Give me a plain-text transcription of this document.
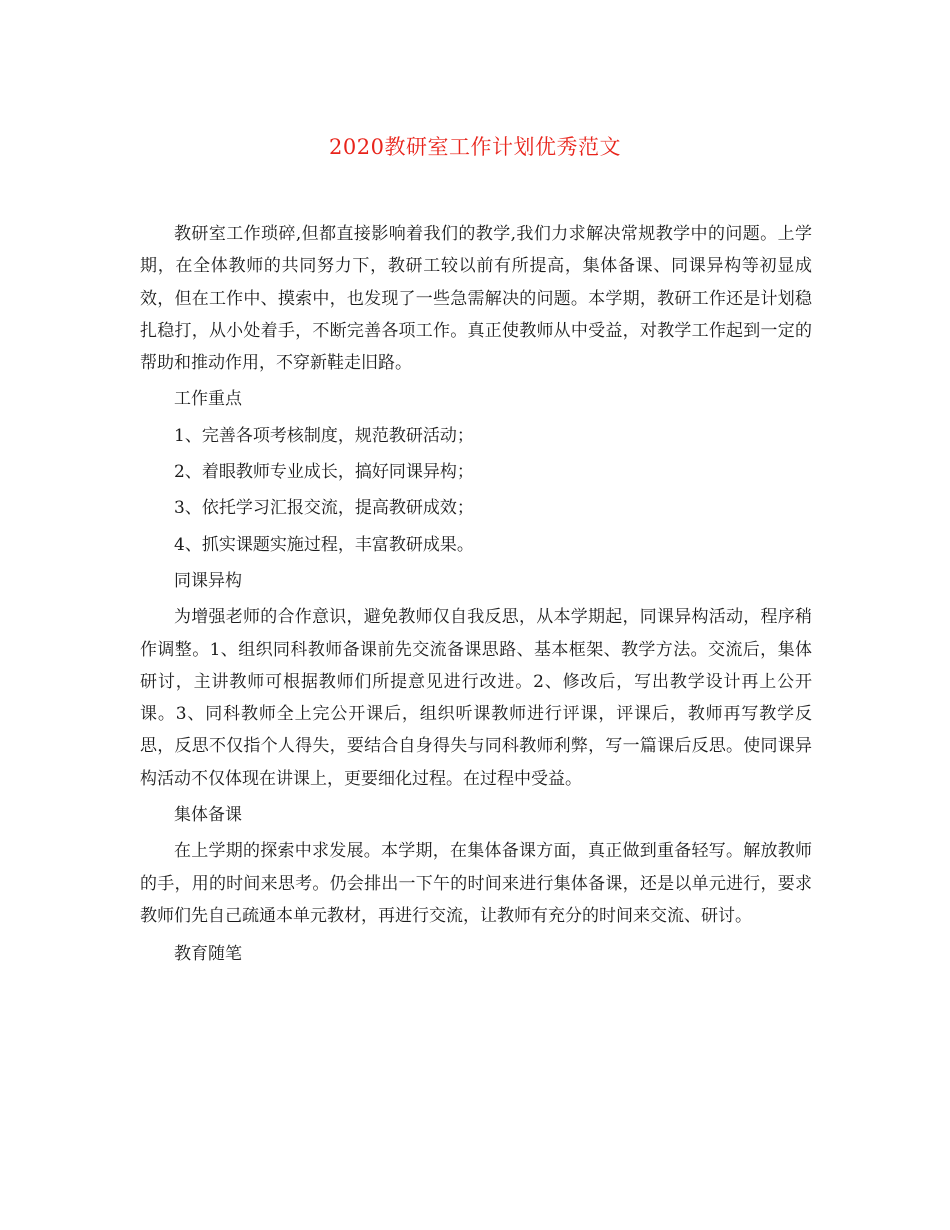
2020教研室工作计划优秀范文

教研室工作琐碎,但都直接影响着我们的教学,我们力求解决常规教学中的问题。上学期，在全体教师的共同努力下，教研工较以前有所提高，集体备课、同课异构等初显成效，但在工作中、摸索中，也发现了一些急需解决的问题。本学期，教研工作还是计划稳扎稳打，从小处着手，不断完善各项工作。真正使教师从中受益，对教学工作起到一定的帮助和推动作用，不穿新鞋走旧路。

工作重点

1、完善各项考核制度，规范教研活动；

2、着眼教师专业成长，搞好同课异构；

3、依托学习汇报交流，提高教研成效；

4、抓实课题实施过程，丰富教研成果。

同课异构

为增强老师的合作意识，避免教师仅自我反思，从本学期起，同课异构活动，程序稍作调整。1、组织同科教师备课前先交流备课思路、基本框架、教学方法。交流后，集体研讨，主讲教师可根据教师们所提意见进行改进。2、修改后，写出教学设计再上公开课。3、同科教师全上完公开课后，组织听课教师进行评课，评课后，教师再写教学反思，反思不仅指个人得失，要结合自身得失与同科教师利弊，写一篇课后反思。使同课异构活动不仅体现在讲课上，更要细化过程。在过程中受益。

集体备课

在上学期的探索中求发展。本学期，在集体备课方面，真正做到重备轻写。解放教师的手，用的时间来思考。仍会排出一下午的时间来进行集体备课，还是以单元进行，要求教师们先自己疏通本单元教材，再进行交流，让教师有充分的时间来交流、研讨。

教育随笔
